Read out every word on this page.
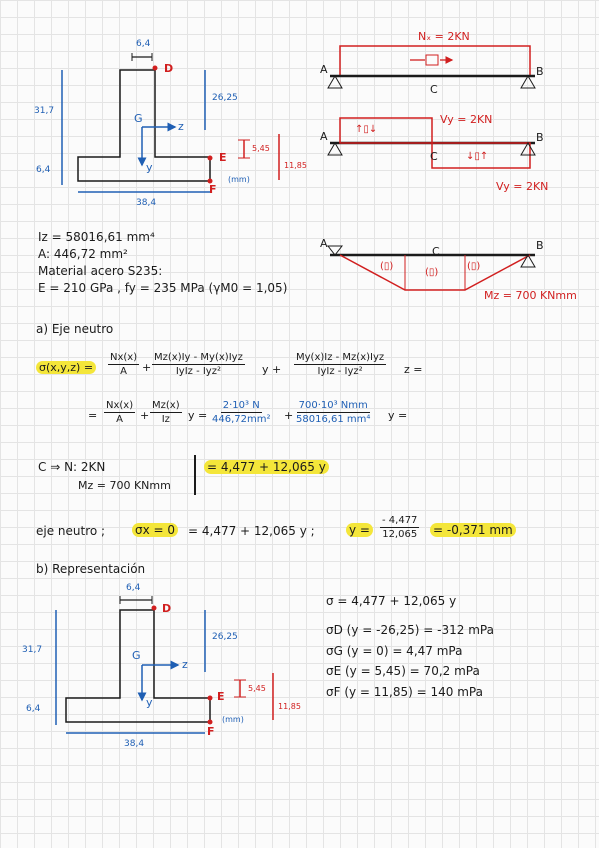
6,4
D
G
z
y
26,25
31,7
6,4
E
5,45
11,85
(mm)
F
38,4
Nₓ = 2KN
A	B
C
Vy = 2KN
↑▯↓
↓▯↑
A	B
C
Vy = 2KN
A	B
C
(▯)
(▯)
(▯)
Mz = 700 KNmm
Iz = 58016,61 mm⁴
A: 446,72 mm²
Material acero S235:
E = 210 GPa , fy = 235 MPa (γM0 = 1,05)
a) Eje neutro
σ(x,y,z) =	$\frac{Nx(x)}{A}$ +
Mz(x)Iy - My(x)Iyz
IyIz - Iyz²	y +
My(x)Iz - Mz(x)Iyz
IyIz - Iyz²	z =
= $\frac{Nx(x)}{A} + \frac{Mz(x)}{Iz}$ $y = \frac{\text{2·10³ N}}{\text{446,72mm²}}$ +
700·10³ Nmm
58016,61 mm⁴ y =
C ⇒ N: 2KN
Mz = 700 KNmm
= 4,477 + 12,065 y
eje neutro ; σx = 0 = 4,477 + 12,065 y ;	y =	$\frac{- 4,477}{12,065} = -0,371$ mm
b) Representación
σ = 4,477 + 12,065 y
σD (y = -26,25) = -312 mPa
σG (y = 0) = 4,47 mPa
σE (y = 5,45) = 70,2 mPa
σF (y = 11,85) = 140 mPa
6,4
D
G
z
y
26,25
31,7
6,4
E
5,45
11,85
(mm)
F
38,4
